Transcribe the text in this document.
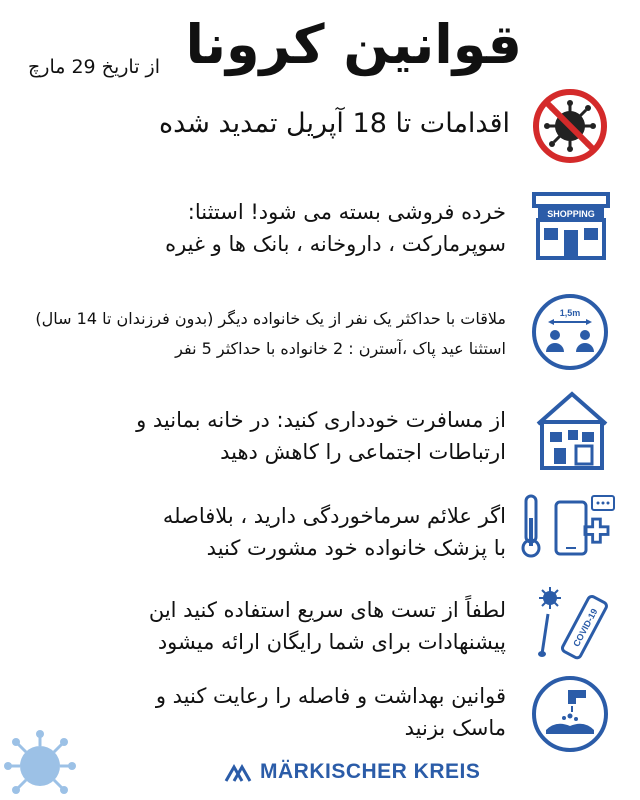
قوانین کرونا
از تاریخ 29 مارچ
اقدامات تا 18 آپریل تمدید شده
خرده فروشی بسته می شود! استثنا:
سوپرمارکت ، داروخانه ، بانک ها و غیره
SHOPPING
ملاقات با حداکثر یک نفر از یک خانواده دیگر (بدون فرزندان تا 14 سال)
استثنا عید پاک ،آسترن : 2 خانواده با حداکثر 5 نفر
1,5m
از مسافرت خودداری کنید: در خانه بمانید و
ارتباطات اجتماعی را کاهش دهید
اگر علائم سرماخوردگی دارید ، بلافاصله
با پزشک خانواده خود مشورت کنید
لطفاً از تست های سریع استفاده کنید این
پیشنهادات برای شما رایگان ارائه میشود	COVID-19
قوانین بهداشت و فاصله را رعایت کنید و
ماسک بزنید
MÄRKISCHER KREIS
